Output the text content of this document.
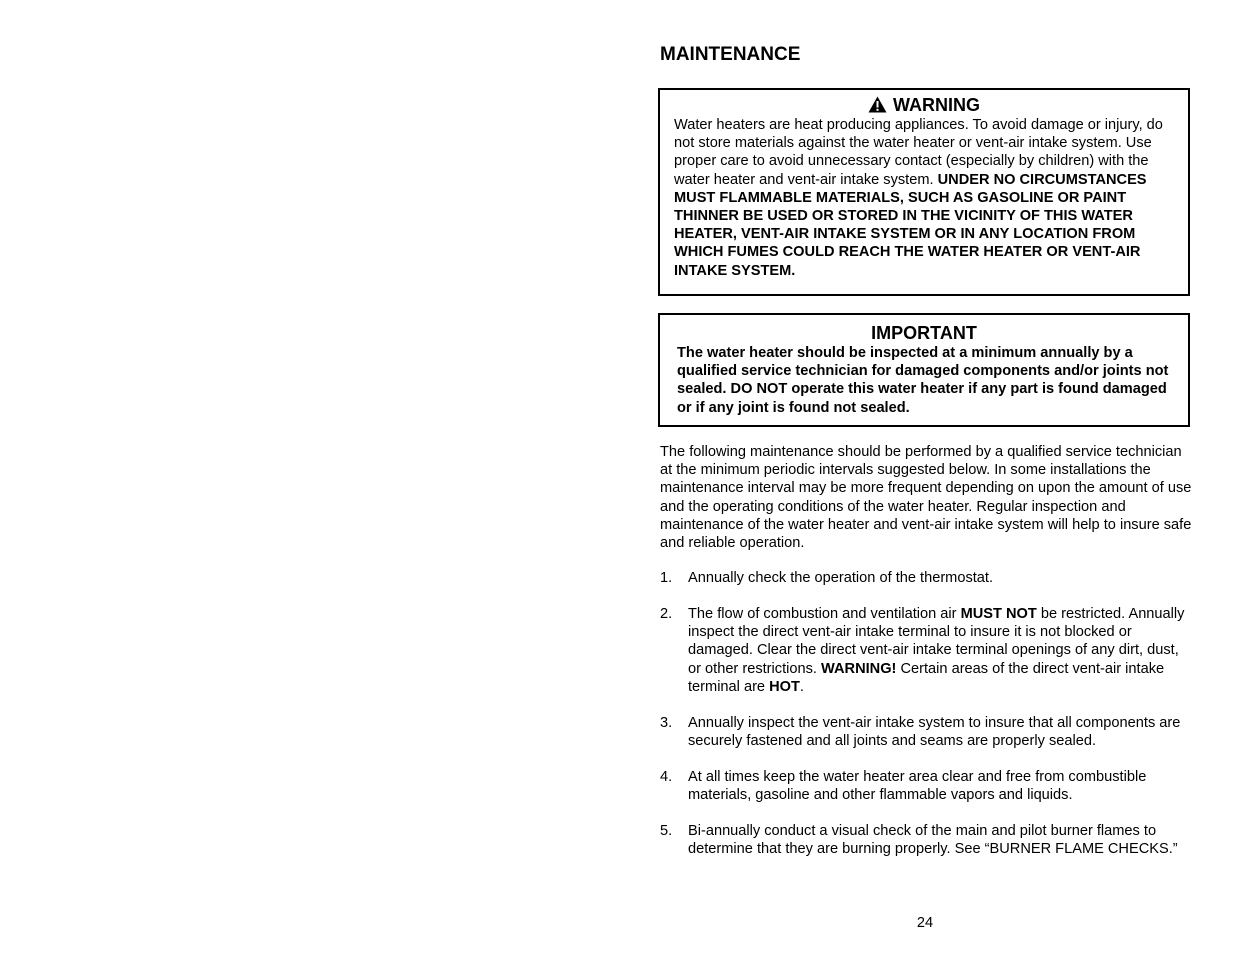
MAINTENANCE
WARNING
Water heaters are heat producing appliances. To avoid damage or injury, do not store materials against the water heater or vent-air intake system. Use proper care to avoid unnecessary contact (especially by children) with the water heater and vent-air intake system. UNDER NO CIRCUMSTANCES MUST FLAMMABLE MATERIALS, SUCH AS GASOLINE OR PAINT THINNER BE USED OR STORED IN THE VICINITY OF THIS WATER HEATER, VENT-AIR INTAKE SYSTEM OR IN ANY LOCATION FROM WHICH FUMES COULD REACH THE WATER HEATER OR VENT-AIR INTAKE SYSTEM.
IMPORTANT
The water heater should be inspected at a minimum annually by a qualified service technician for damaged components and/or joints not sealed. DO NOT operate this water heater if any part is found damaged or if any joint is found not sealed.

The following maintenance should be performed by a qualified service technician at the minimum periodic intervals suggested below. In some installations the maintenance interval may be more frequent depending on upon the amount of use and the operating conditions of the water heater. Regular inspection and maintenance of the water heater and vent-air intake system will help to insure safe and reliable operation.

1. Annually check the operation of the thermostat.
2. The flow of combustion and ventilation air MUST NOT be restricted. Annually inspect the direct vent-air intake terminal to insure it is not blocked or damaged. Clear the direct vent-air intake terminal openings of any dirt, dust, or other restrictions. WARNING! Certain areas of the direct vent-air intake terminal are HOT.
3. Annually inspect the vent-air intake system to insure that all components are securely fastened and all joints and seams are properly sealed.
4. At all times keep the water heater area clear and free from combustible materials, gasoline and other flammable vapors and liquids.
5. Bi-annually conduct a visual check of the main and pilot burner flames to determine that they are burning properly. See “BURNER FLAME CHECKS.”
24
